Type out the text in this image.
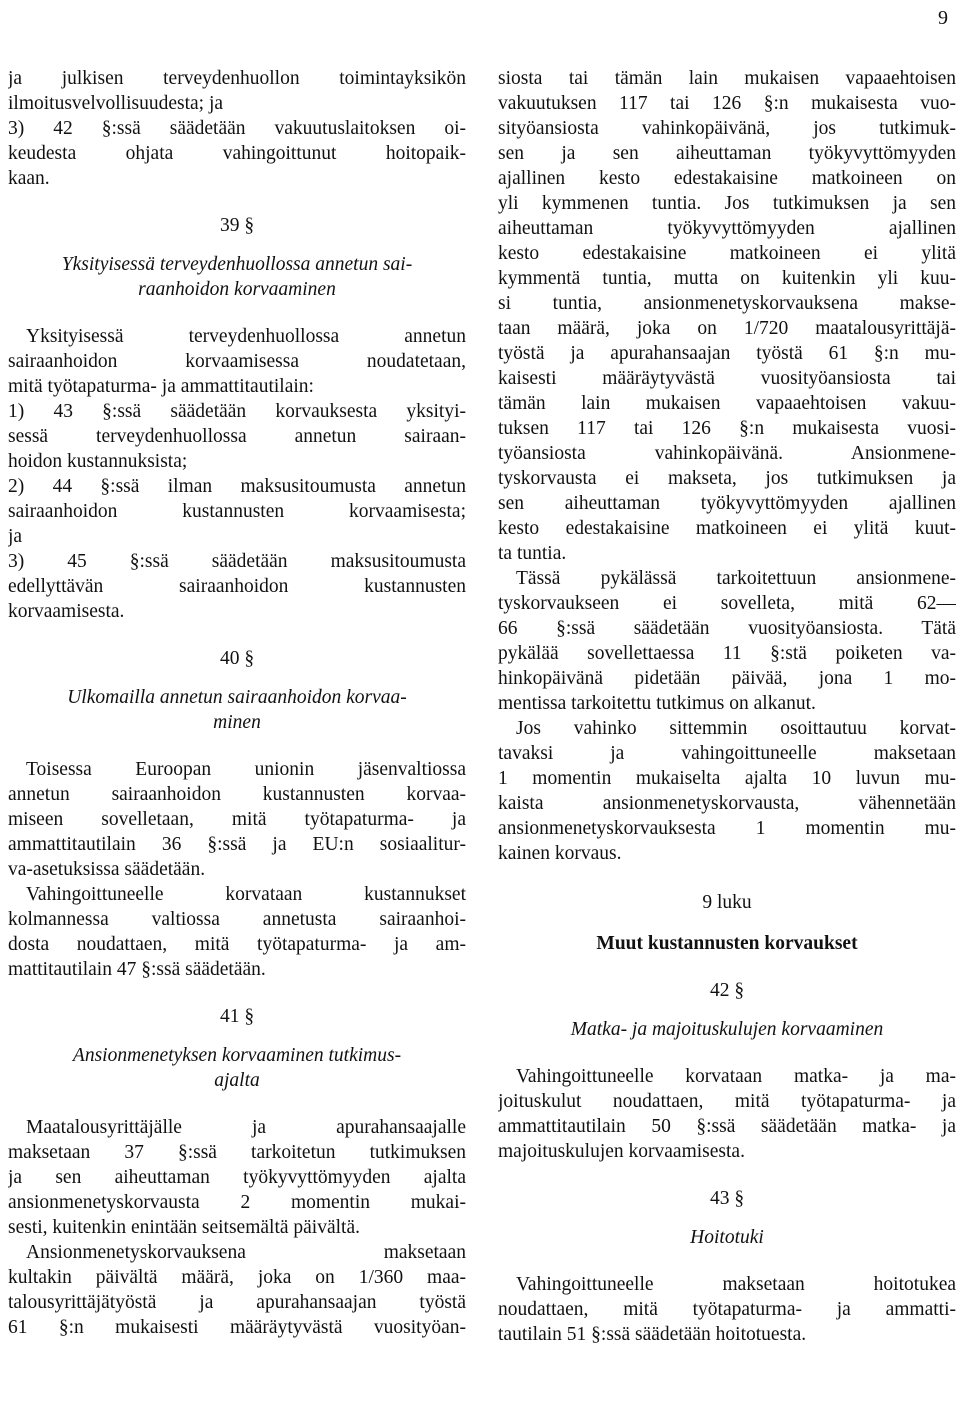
9
ja julkisen terveydenhuollon toimintayksikön
ilmoitusvelvollisuudesta; ja
3) 42 §:ssä säädetään vakuutuslaitoksen oi-
keudesta ohjata vahingoittunut hoitopaik-
kaan.
39 §
Yksityisessä terveydenhuollossa annetun sai-
raanhoidon korvaaminen
Yksityisessä terveydenhuollossa annetun
sairaanhoidon korvaamisessa noudatetaan,
mitä työtapaturma- ja ammattitautilain:
1) 43 §:ssä säädetään korvauksesta yksityi-
sessä terveydenhuollossa annetun sairaan-
hoidon kustannuksista;
2) 44 §:ssä ilman maksusitoumusta annetun
sairaanhoidon kustannusten korvaamisesta;
ja
3) 45 §:ssä säädetään maksusitoumusta
edellyttävän sairaanhoidon kustannusten
korvaamisesta.
40 §
Ulkomailla annetun sairaanhoidon korvaa-
minen
Toisessa Euroopan unionin jäsenvaltiossa
annetun sairaanhoidon kustannusten korvaa-
miseen sovelletaan, mitä työtapaturma- ja
ammattitautilain 36 §:ssä ja EU:n sosiaalitur-
va-asetuksissa säädetään.
Vahingoittuneelle korvataan kustannukset
kolmannessa valtiossa annetusta sairaanhoi-
dosta noudattaen, mitä työtapaturma- ja am-
mattitautilain 47 §:ssä säädetään.
41 §
Ansionmenetyksen korvaaminen tutkimus-
ajalta
Maatalousyrittäjälle ja apurahansaajalle
maksetaan 37 §:ssä tarkoitetun tutkimuksen
ja sen aiheuttaman työkyvyttömyyden ajalta
ansionmenetyskorvausta 2 momentin mukai-
sesti, kuitenkin enintään seitsemältä päivältä.
Ansionmenetyskorvauksena maksetaan
kultakin päivältä määrä, joka on 1/360 maa-
talousyrittäjätyöstä ja apurahansaajan työstä
61 §:n mukaisesti määräytyvästä vuosityöan-
siosta tai tämän lain mukaisen vapaaehtoisen
vakuutuksen 117 tai 126 §:n mukaisesta vuo-
sityöansiosta vahinkopäivänä, jos tutkimuk-
sen ja sen aiheuttaman työkyvyttömyyden
ajallinen kesto edestakaisine matkoineen on
yli kymmenen tuntia. Jos tutkimuksen ja sen
aiheuttaman työkyvyttömyyden ajallinen
kesto edestakaisine matkoineen ei ylitä
kymmentä tuntia, mutta on kuitenkin yli kuu-
si tuntia, ansionmenetyskorvauksena makse-
taan määrä, joka on 1/720 maatalousyrittäjä-
työstä ja apurahansaajan työstä 61 §:n mu-
kaisesti määräytyvästä vuosityöansiosta tai
tämän lain mukaisen vapaaehtoisen vakuu-
tuksen 117 tai 126 §:n mukaisesta vuosi-
työansiosta vahinkopäivänä. Ansionmene-
tyskorvausta ei makseta, jos tutkimuksen ja
sen aiheuttaman työkyvyttömyyden ajallinen
kesto edestakaisine matkoineen ei ylitä kuut-
ta tuntia.
Tässä pykälässä tarkoitettuun ansionmene-
tyskorvaukseen ei sovelleta, mitä 62—
66 §:ssä säädetään vuosityöansiosta. Tätä
pykälää sovellettaessa 11 §:stä poiketen va-
hinkopäivänä pidetään päivää, jona 1 mo-
mentissa tarkoitettu tutkimus on alkanut.
Jos vahinko sittemmin osoittautuu korvat-
tavaksi ja vahingoittuneelle maksetaan
1 momentin mukaiselta ajalta 10 luvun mu-
kaista ansionmenetyskorvausta, vähennetään
ansionmenetyskorvauksesta 1 momentin mu-
kainen korvaus.
9 luku
Muut kustannusten korvaukset
42 §
Matka- ja majoituskulujen korvaaminen
Vahingoittuneelle korvataan matka- ja ma-
joituskulut noudattaen, mitä työtapaturma- ja
ammattitautilain 50 §:ssä säädetään matka- ja
majoituskulujen korvaamisesta.
43 §
Hoitotuki
Vahingoittuneelle maksetaan hoitotukea
noudattaen, mitä työtapaturma- ja ammatti-
tautilain 51 §:ssä säädetään hoitotuesta.
